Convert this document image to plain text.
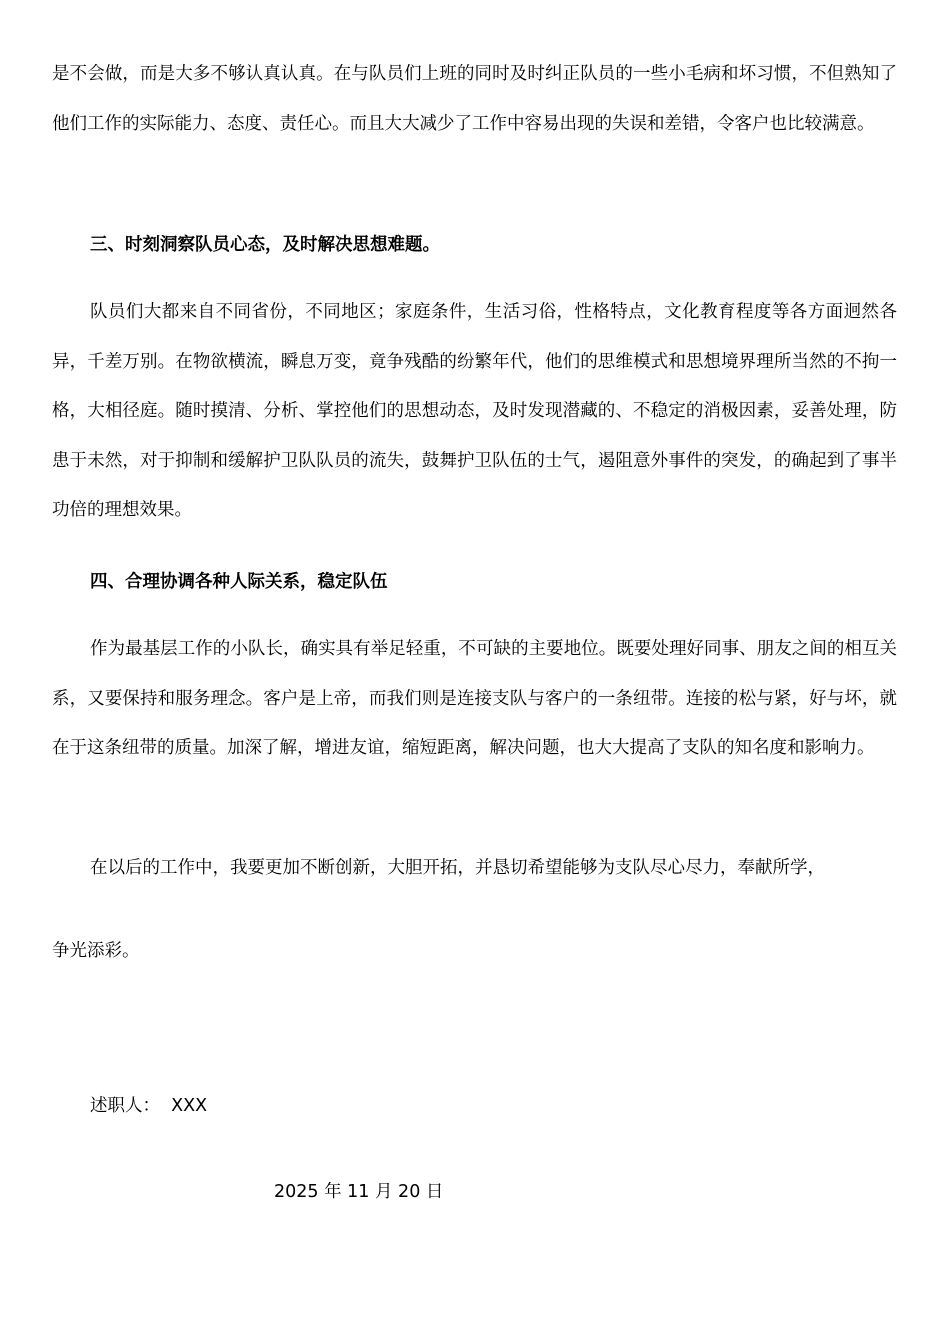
是不会做，而是大多不够认真认真。在与队员们上班的同时及时纠正队员的一些小毛病和坏习惯，不但熟知了他们工作的实际能力、态度、责任心。而且大大减少了工作中容易出现的失误和差错，令客户也比较满意。

三、时刻洞察队员心态，及时解决思想难题。

队员们大都来自不同省份，不同地区；家庭条件，生活习俗，性格特点，文化教育程度等各方面迥然各异，千差万别。在物欲横流，瞬息万变，竟争残酷的纷繁年代，他们的思维模式和思想境界理所当然的不拘一格，大相径庭。随时摸清、分析、掌控他们的思想动态，及时发现潜藏的、不稳定的消极因素，妥善处理，防患于未然，对于抑制和缓解护卫队队员的流失，鼓舞护卫队伍的士气，遏阻意外事件的突发，的确起到了事半功倍的理想效果。

四、合理协调各种人际关系，稳定队伍

作为最基层工作的小队长，确实具有举足轻重，不可缺的主要地位。既要处理好同事、朋友之间的相互关系，又要保持和服务理念。客户是上帝，而我们则是连接支队与客户的一条纽带。连接的松与紧，好与坏，就在于这条纽带的质量。加深了解，增进友谊，缩短距离，解决问题，也大大提高了支队的知名度和影响力。

在以后的工作中，我要更加不断创新，大胆开拓，并恳切希望能够为支队尽心尽力，奉献所学，

争光添彩。

述职人：  XXX

2025 年 11 月 20 日
